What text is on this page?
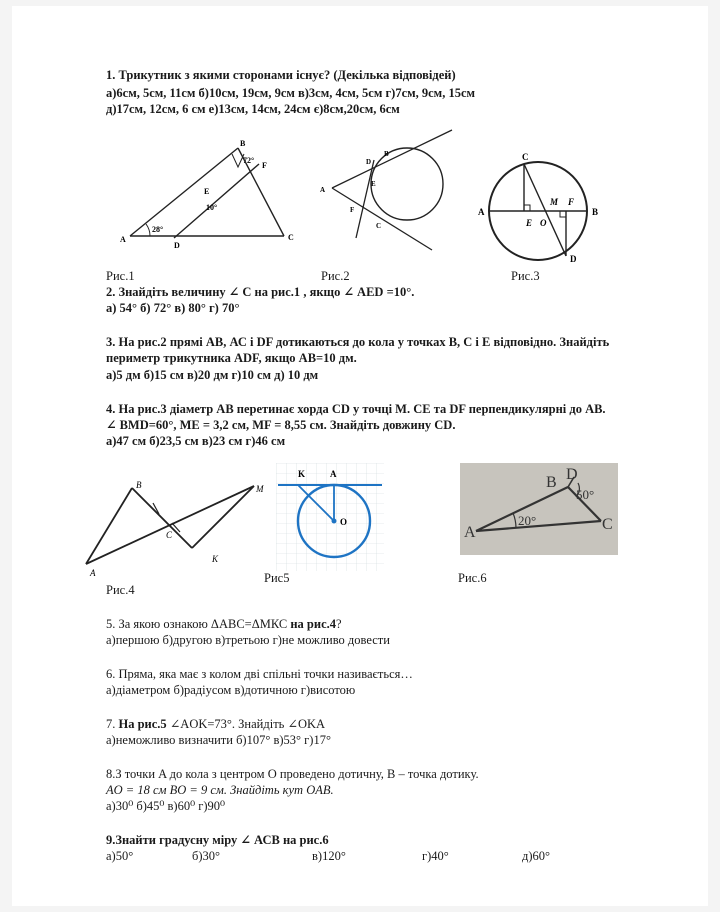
1. Трикутник з якими сторонами існує? (Декілька відповідей)
а)6см, 5см, 11см б)10см, 19см, 9см в)3см, 4см, 5см г)7см, 9см, 15см
д)17см, 12см, 6 см е)13см, 14см, 24см є)8см,20см, 6см
B
72°
F
E
10°
28°
A
D
C
D
B
E
A
F
C
C
M F
A
E O
B
D
Рис.1	Рис.2	Рис.3
2. Знайдіть величину ∠ С на рис.1 , якщо ∠ AED =10°.
а) 54° б) 72° в) 80° г) 70°
3. На рис.2 прямі АВ, АС і DF дотикаються до кола у точках В, С і Е відповідно. Знайдіть
периметр трикутника ADF, якщо АВ=10 дм.
а)5 дм б)15 см в)20 дм г)10 см д) 10 дм
4. На рис.3 діаметр АВ перетинає хорда CD у точці М. СЕ та DF перпендикулярні до АВ.
∠ BMD=60°, ME = 3,2 см, MF = 8,55 см. Знайдіть довжину CD.
а)47 см б)23,5 см в)23 см г)46 см
B	M
C
K
A
Рис.4
K	A
O
Рис5
B D
50°
20°
A	C
Рис.6
5. За якою ознакою ΔАВС=ΔМКС на рис.4?
а)першою б)другою в)третьою г)не можливо довести
6. Пряма, яка має з колом дві спільні точки називається…
а)діаметром б)радіусом в)дотичною г)висотою
7. На рис.5 ∠AOK=73°. Знайдіть ∠OKA
а)неможливо визначити б)107° в)53° г)17°
8.З точки A до кола з центром O проведено дотичну, B – точка дотику.
AO = 18 см BO = 9 см. Знайдіть кут OAB.
а)30⁰ б)45⁰ в)60⁰ г)90⁰
9.Знайти градусну міру ∠ АСВ на рис.6
а)50°	б)30°	в)120°	г)40°	д)60°
